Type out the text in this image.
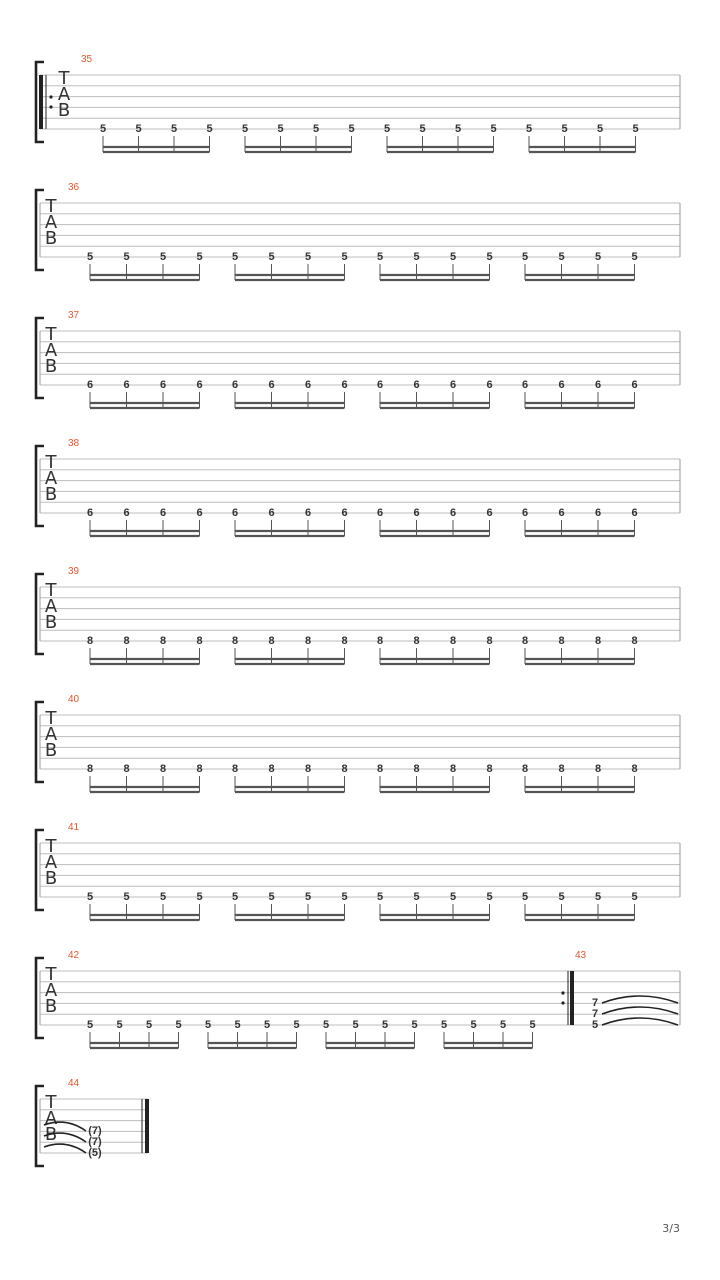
T
A
B
35
5	5	5	5	5	5	5	5	5	5	5	5	5	5	5	5
T
A
B
36
5	5	5	5	5	5	5	5	5	5	5	5	5	5	5	5
T
A
B
37
6	6	6	6	6	6	6	6	6	6	6	6	6	6	6	6
T
A
B
38
6	6	6	6	6	6	6	6	6	6	6	6	6	6	6	6
T
A
B
39
8	8	8	8	8	8	8	8	8	8	8	8	8	8	8	8
T
A
B
40
8	8	8	8	8	8	8	8	8	8	8	8	8	8	8	8
T
A
B
41
5	5	5	5	5	5	5	5	5	5	5	5	5	5	5	5
T
A
B
42
5 5 5 5 5 5 5 5 5 5 5 5 5 5 5 5
43
7
7
5
T
A
B
44
(7)
(7)
(5)
3/3
